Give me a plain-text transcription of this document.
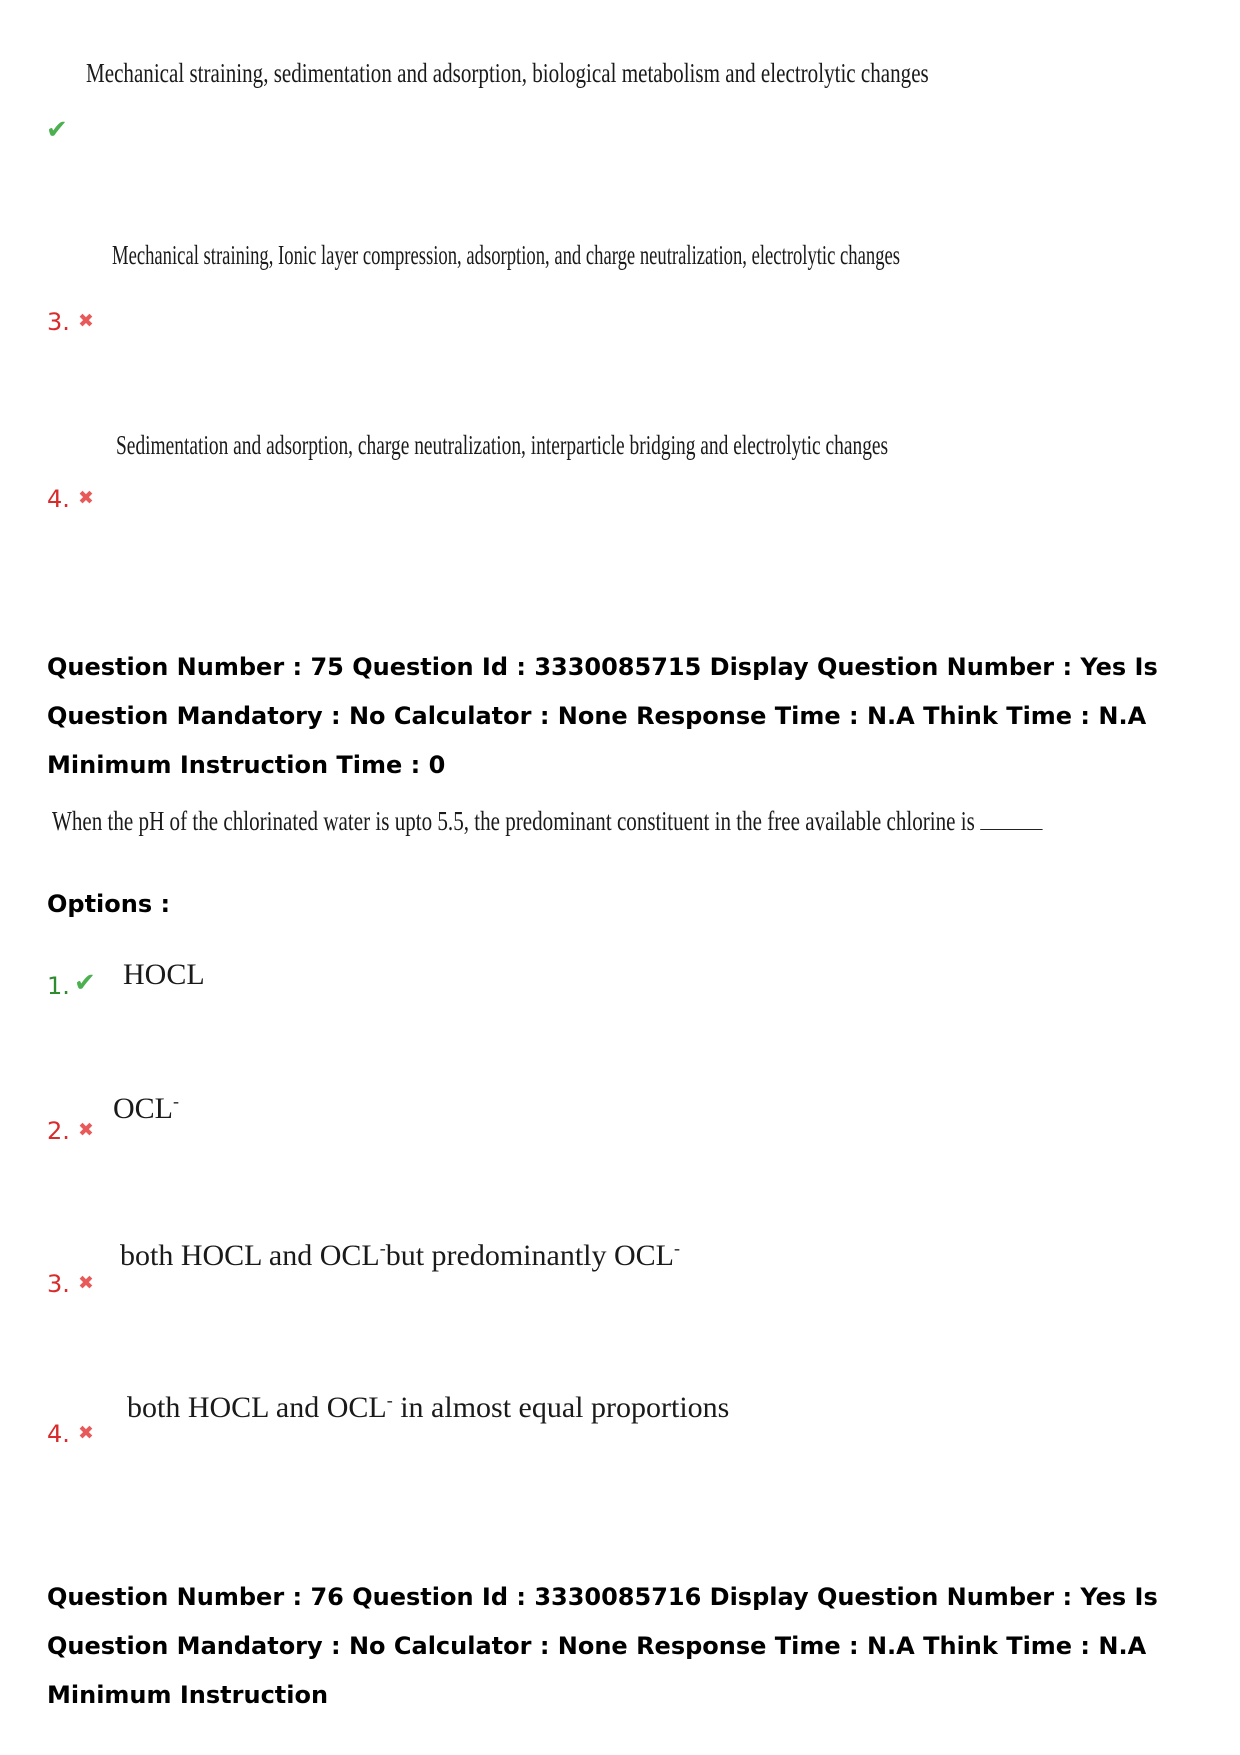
Mechanical straining, sedimentation and adsorption, biological metabolism and electrolytic changes
✔
Mechanical straining, Ionic layer compression, adsorption, and charge neutralization, electrolytic changes
3. ✖
Sedimentation and adsorption, charge neutralization, interparticle bridging and electrolytic changes
4. ✖
Question Number : 75 Question Id : 3330085715 Display Question Number : Yes Is Question Mandatory : No Calculator : None Response Time : N.A Think Time : N.A Minimum Instruction Time : 0
When the pH of the chlorinated water is upto 5.5, the predominant constituent in the free available chlorine is
Options :
1. ✔ HOCL
2. ✖
OCL-
3. ✖
both HOCL and OCL-but predominantly OCL-
4. ✖
both HOCL and OCL- in almost equal proportions
Question Number : 76 Question Id : 3330085716 Display Question Number : Yes Is Question Mandatory : No Calculator : None Response Time : N.A Think Time : N.A Minimum Instruction
